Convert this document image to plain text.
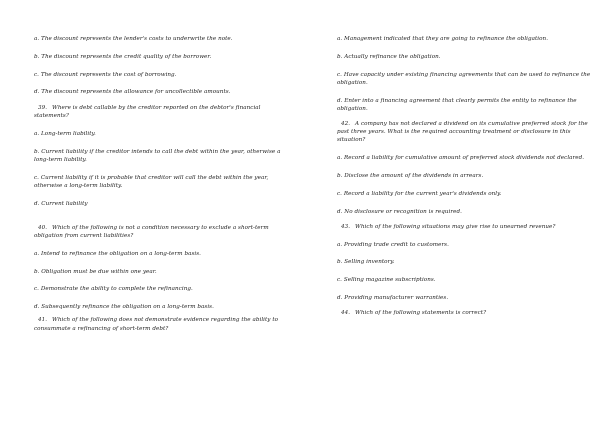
a. The discount represents the lender's costs to underwrite the note.

b. The discount represents the credit quality of the borrower.

c. The discount represents the cost of borrowing.

d. The discount represents the allowance for uncollectible amounts.

39. Where is debt callable by the creditor reported on the debtor's financial statements?

a. Long-term liability.

b. Current liability if the creditor intends to call the debt within the year, otherwise a long-term liability.

c. Current liability if it is probable that creditor will call the debt within the year, otherwise a long-term liability.

d. Current liability

40. Which of the following is not a condition necessary to exclude a short-term obligation from current liabilities?

a. Intend to refinance the obligation on a long-term basis.

b. Obligation must be due within one year.

c. Demonstrate the ability to complete the refinancing.

d. Subsequently refinance the obligation on a long-term basis.

41. Which of the following does not demonstrate evidence regarding the ability to consummate a refinancing of short-term debt?

a. Management indicated that they are going to refinance the obligation.

b. Actually refinance the obligation.

c. Have capacity under existing financing agreements that can be used to refinance the obligation.

d. Enter into a financing agreement that clearly permits the entity to refinance the obligation.

42. A company has not declared a dividend on its cumulative preferred stock for the past three years. What is the required accounting treatment or disclosure in this situation?

a. Record a liability for cumulative amount of preferred stock dividends not declared.

b. Disclose the amount of the dividends in arrears.

c. Record a liability for the current year's dividends only.

d. No disclosure or recognition is required.

43. Which of the following situations may give rise to unearned revenue?

a. Providing trade credit to customers.

b. Selling inventory.

c. Selling magazine subscriptions.

d. Providing manufacturer warranties.

44. Which of the following statements is correct?
